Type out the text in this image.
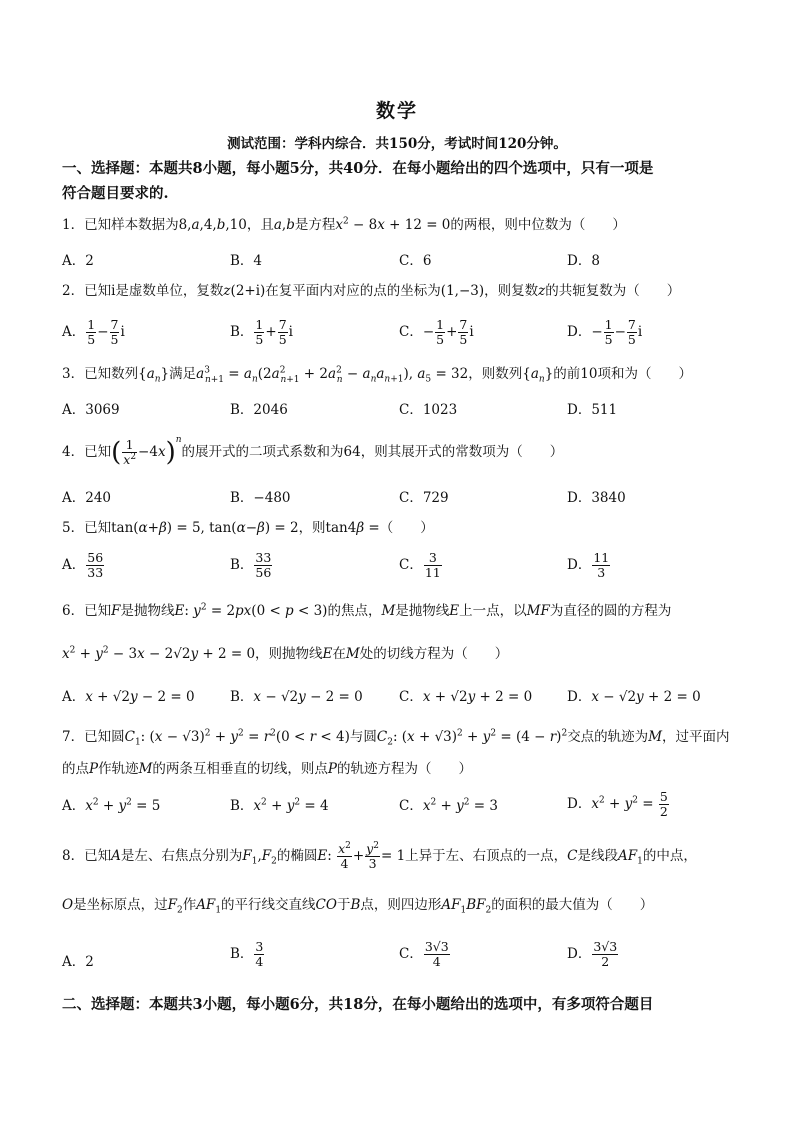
数学
测试范围：学科内综合．共150分，考试时间120分钟。
一、选择题：本题共8小题，每小题5分，共40分．在每小题给出的四个选项中，只有一项是
符合题目要求的.
1．已知样本数据为8,a,4,b,10，且a,b是方程$x^2 - 8x + 12 = 0$的两根，则中位数为（　　）
A．2	B．4	C．6	D．8
2．已知i是虚数单位，复数z(2+i)在复平面内对应的点的坐标为(1,−3)，则复数z的共轭复数为（　　）
A． $\frac{1}{5} - \frac{7}{5}$ i	B． $\frac{1}{5} + \frac{7}{5}$ i	C．− $\frac{1}{5} + \frac{7}{5}$ i	D．− $\frac{1}{5} - \frac{7}{5}$ i
3．已知数列$\{a_n\}$满足$a^3_{n+1} = a_n(2a^2_{n+1} + 2a^2_n - a_na_{n+1})$, $a_5 = 32$，则数列$\{a_n\}$的前10项和为（　　）
A．3069	B．2046	C．1023	D．511
4．已知( $\frac{1}{x^2} -4x)^n$的展开式的二项式系数和为64，则其展开式的常数项为（　　）
A．240	B．−480	C．729	D．3840
5．已知tan(α+β) = 5, tan(α−β) = 2，则tan4β =（　　）
A． $\frac{56}{33}$	B． $\frac{33}{56}$	C． $\frac{3}{11}$	D． $\frac{11}{3}$
6．已知F是抛物线E: $y^2 = 2px(0 < p < 3)$的焦点，M是抛物线E上一点，以MF为直径的圆的方程为
$x^2 + y^2 - 3x - 2√2y + 2 = 0$，则抛物线E在M处的切线方程为（　　）
A．x + √2y − 2 = 0	B．x − √2y − 2 = 0	C．x + √2y + 2 = 0	D．x − √2y + 2 = 0
7．已知圆$C_1$: $(x - √3)^2 + y^2 = r^2(0 < r < 4)$与圆$C_2$: $(x + √3)^2 + y^2 = (4 - r)^2$交点的轨迹为M，过平面内
的点P作轨迹M的两条互相垂直的切线，则点P的轨迹方程为（　　）
A．$x^2 + y^2 = 5$	B．$x^2 + y^2 = 4$	C．$x^2 + y^2 = 3$	D．$x^2 + y^2 = \frac{5}{2}$
8．已知A是左、右焦点分别为$F_1,F_2$的椭圆E: $\frac{x^2}{4} + \frac{y^2}{3} = 1$上异于左、右顶点的一点，C是线段$AF_1$的中点，
O是坐标原点，过$F_2$作$AF_1$的平行线交直线CO于B点，则四边形$AF_1BF_2$的面积的最大值为（　　）
A．2	B． $\frac{3}{4}$	C． $\frac{3√3}{4}$	D． $\frac{3√3}{2}$
二、选择题：本题共3小题，每小题6分，共18分，在每小题给出的选项中，有多项符合题目
